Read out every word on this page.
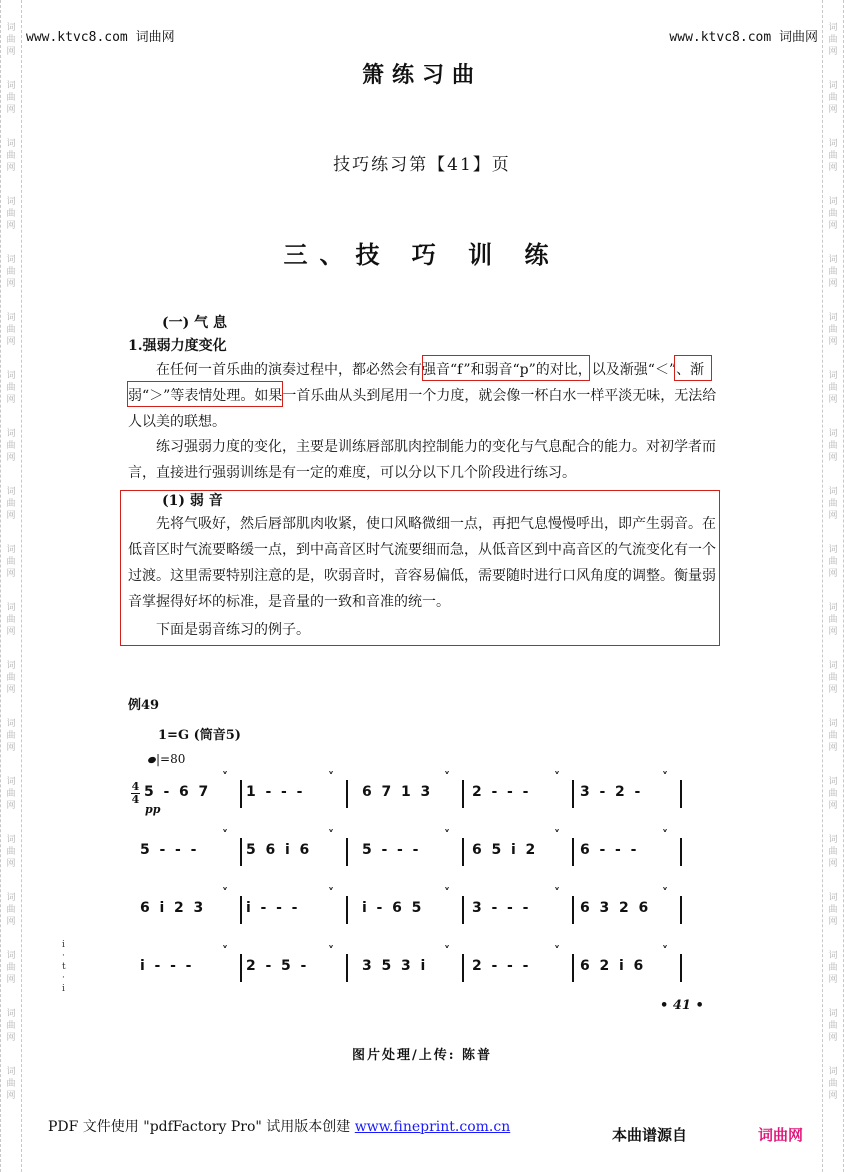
词
曲
网
词
曲
网
词
曲
网
词
曲
网
词
曲
网
词
曲
网
词
曲
网
词
曲
网
词
曲
网
词
曲
网
词
曲
网
词
曲
网
词
曲
网
词
曲
网
词
曲
网
词
曲
网
词
曲
网
词
曲
网
词
曲
网
词
曲
网
词
曲
网
词
曲
网
词
曲
网
词
曲
网
词
曲
网
词
曲
网
词
曲
网
词
曲
网
词
曲
网
词
曲
网
词
曲
网
词
曲
网
词
曲
网
词
曲
网
词
曲
网
词
曲
网
词
曲
网
词
曲
网
www.ktvc8.com 词曲网	www.ktvc8.com 词曲网
箫练习曲
技巧练习第【41】页
三、技 巧 训 练
(一) 气 息
1.强弱力度变化
在任何一首乐曲的演奏过程中，都必然会有强音“f”和弱音“p”的对比，以及渐强“＜”、渐弱“＞”等表情处理。如果一首乐曲从头到尾用一个力度，就会像一杯白水一样平淡无味，无法给人以美的联想。
练习强弱力度的变化，主要是训练唇部肌肉控制能力的变化与气息配合的能力。对初学者而言，直接进行强弱训练是有一定的难度，可以分以下几个阶段进行练习。
(1) 弱 音
先将气吸好，然后唇部肌肉收紧，使口风略微细一点，再把气息慢慢呼出，即产生弱音。在低音区时气流要略缓一点，到中高音区时气流要细而急，从低音区到中高音区的气流变化有一个过渡。这里需要特别注意的是，吹弱音时，音容易偏低，需要随时进行口风角度的调整。衡量弱音掌握得好坏的标准，是音量的一致和音准的统一。
下面是弱音练习的例子。
例49
1=G (筒音5)
|=80
4
4
pp
5  -  6  7
˅
1  -  -  -
˅
6  7  1  3
˅
2  -  -  -
˅
3  -  2  -
˅
5  -  -  -
˅
5  6  i  6
˅
5  -  -  -
˅
6  5  i  2
˅
6  -  -  -
˅
6  i  2  3
˅
i  -  -  -
˅
i  -  6  5
˅
3  -  -  -
˅
6  3  2  6
˅
i  -  -  -
˅
2  -  5  -
˅
3  5  3  i
˅
2  -  -  -
˅
6  2  i  6
˅
i
·
t
·
i
• 41 •
图片处理/上传: 陈普
PDF 文件使用 "pdfFactory Pro" 试用版本创建 www.fineprint.com.cn	本曲谱源自	词曲网
